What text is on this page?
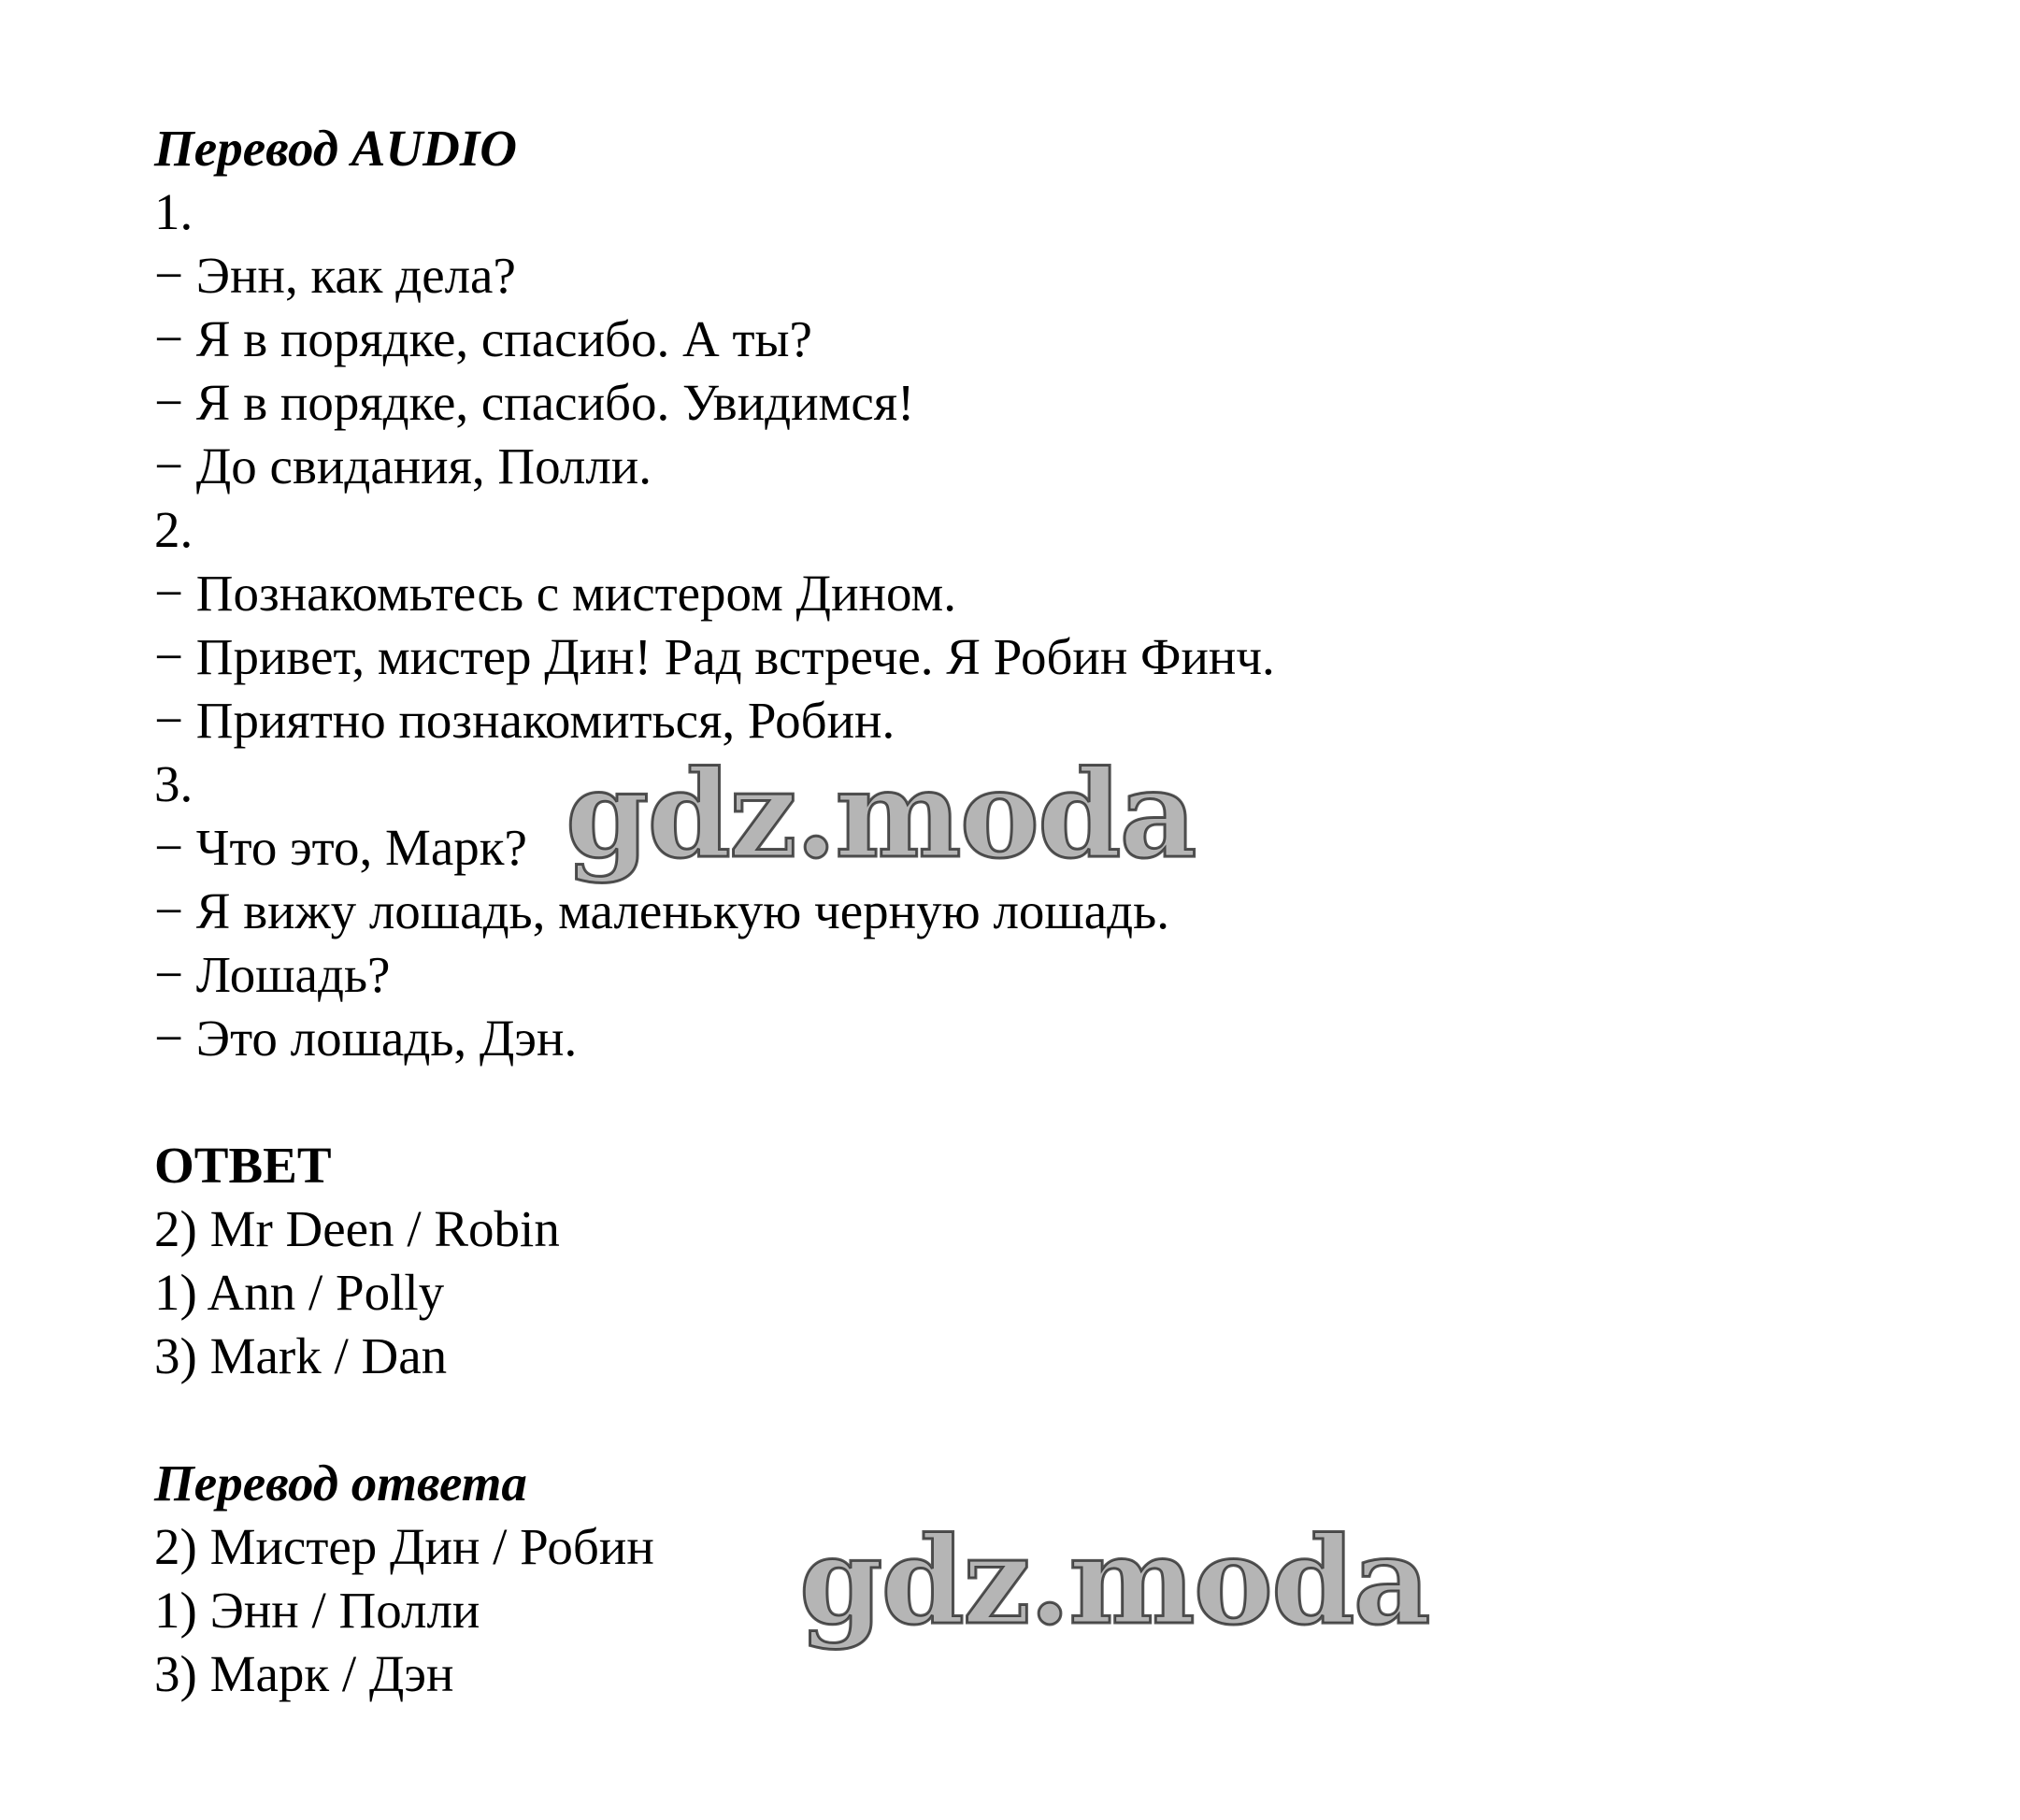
Перевод AUDIO
1.
− Энн, как дела?
− Я в порядке, спасибо. А ты?
− Я в порядке, спасибо. Увидимся!
− До свидания, Полли.
2.
− Познакомьтесь с мистером Дином.
− Привет, мистер Дин! Рад встрече. Я Робин Финч.
− Приятно познакомиться, Робин.
3.
− Что это, Марк?
− Я вижу лошадь, маленькую черную лошадь.
− Лошадь?
− Это лошадь, Дэн.
ОТВЕТ
2) Mr Deen / Robin
1) Ann / Polly
3) Mark / Dan
Перевод ответа
2) Мистер Дин / Робин
1) Энн / Полли
3) Марк / Дэн
gdz.moda
gdz.moda
